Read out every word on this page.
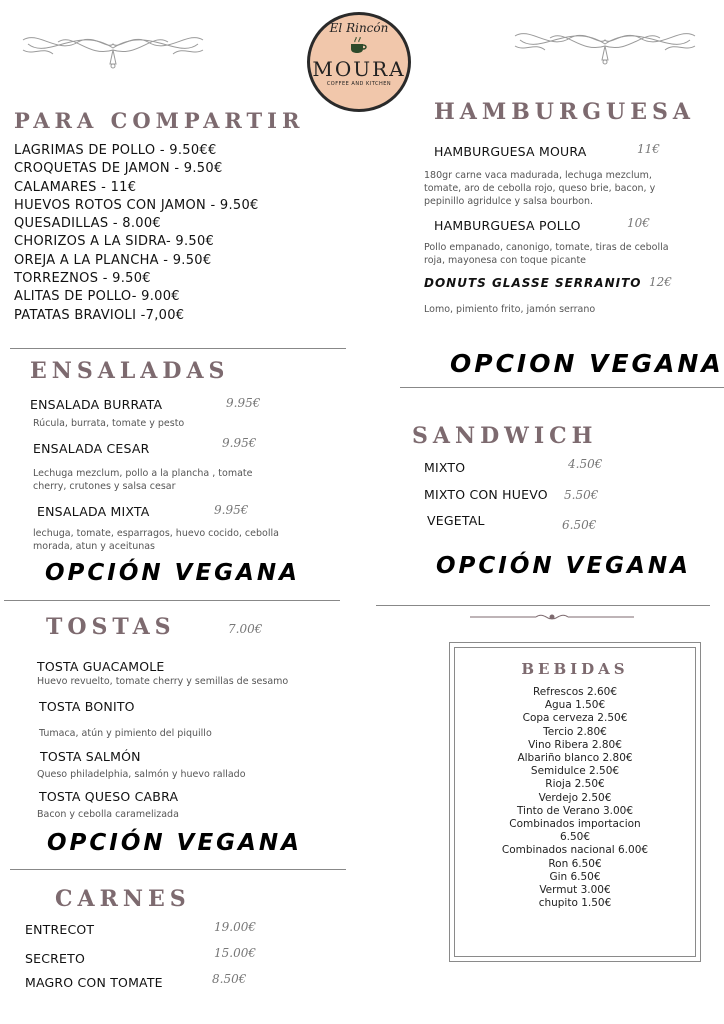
El Rincón
MOURA
COFFEE AND KITCHEN
PARA COMPARTIR
LAGRIMAS DE POLLO - 9.50€€
CROQUETAS DE JAMON - 9.50€
CALAMARES - 11€
HUEVOS ROTOS CON JAMON - 9.50€
QUESADILLAS - 8.00€
CHORIZOS A LA SIDRA- 9.50€
OREJA A LA PLANCHA - 9.50€
TORREZNOS - 9.50€
ALITAS DE POLLO- 9.00€
PATATAS BRAVIOLI -7,00€
ENSALADAS
ENSALADA BURRATA	9.95€
Rúcula, burrata, tomate y pesto
ENSALADA CESAR	9.95€
Lechuga mezclum, pollo a la plancha , tomate cherry, crutones y salsa cesar
ENSALADA MIXTA	9.95€
lechuga, tomate, esparragos, huevo cocido, cebolla morada, atun y aceitunas
OPCIÓN VEGANA
TOSTAS	7.00€
TOSTA GUACAMOLE
Huevo revuelto, tomate cherry y semillas de sesamo
TOSTA BONITO
Tumaca, atún y pimiento del piquillo
TOSTA SALMÓN
Queso philadelphia, salmón y huevo rallado
TOSTA QUESO CABRA
Bacon y cebolla caramelizada
OPCIÓN VEGANA
CARNES
ENTRECOT	19.00€
SECRETO	15.00€
MAGRO CON TOMATE	8.50€
HAMBURGUESA
HAMBURGUESA MOURA	11€
180gr carne vaca madurada, lechuga mezclum, tomate, aro de cebolla rojo, queso brie, bacon, y pepinillo agridulce y salsa bourbon.
HAMBURGUESA POLLO	10€
Pollo empanado, canonigo, tomate, tiras de cebolla roja, mayonesa con toque picante
DONUTS GLASSE SERRANITO 12€
Lomo, pimiento frito, jamón serrano
OPCION VEGANA
SANDWICH
MIXTO	4.50€
MIXTO CON HUEVO 5.50€
VEGETAL	6.50€
OPCIÓN VEGANA
BEBIDAS
Refrescos 2.60€
Agua 1.50€
Copa cerveza 2.50€
Tercio 2.80€
Vino Ribera 2.80€
Albariño blanco 2.80€
Semidulce 2.50€
Rioja 2.50€
Verdejo 2.50€
Tinto de Verano 3.00€
Combinados importacion
6.50€
Combinados nacional 6.00€
Ron 6.50€
Gin 6.50€
Vermut 3.00€
chupito 1.50€
